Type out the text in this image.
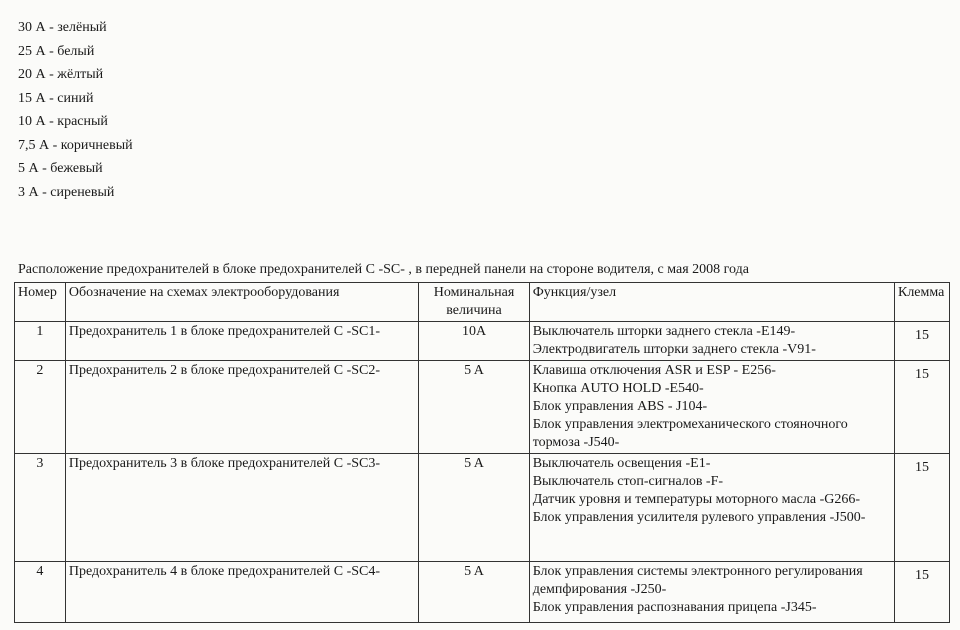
30 А - зелёный
25 А - белый
20 А - жёлтый
15 А - синий
10 А - красный
7,5 А - коричневый
5 А - бежевый
3 А - сиреневый
Расположение предохранителей в блоке предохранителей С -SC- , в передней панели на стороне водителя, с мая 2008 года
Номер	Обозначение на схемах электрооборудования	Номинальная величина	Функция/узел	Клемма
1	Предохранитель 1 в блоке предохранителей С -SC1-	10A	Выключатель шторки заднего стекла -E149-
Электродвигатель шторки заднего стекла -V91-	15
2	Предохранитель 2 в блоке предохранителей С -SC2-	5 A	Клавиша отключения ASR и ESP - E256-
Кнопка AUTO HOLD -E540-
Блок управления ABS - J104-
Блок управления электромеханического стояночного тормоза -J540-	15
3	Предохранитель 3 в блоке предохранителей С -SC3-	5 A	Выключатель освещения -E1-
Выключатель стоп-сигналов -F-
Датчик уровня и температуры моторного масла -G266-
Блок управления усилителя рулевого управления -J500-	15
4	Предохранитель 4 в блоке предохранителей С -SC4-	5 A	Блок управления системы электронного регулирования демпфирования -J250-
Блок управления распознавания прицепа -J345-	15
